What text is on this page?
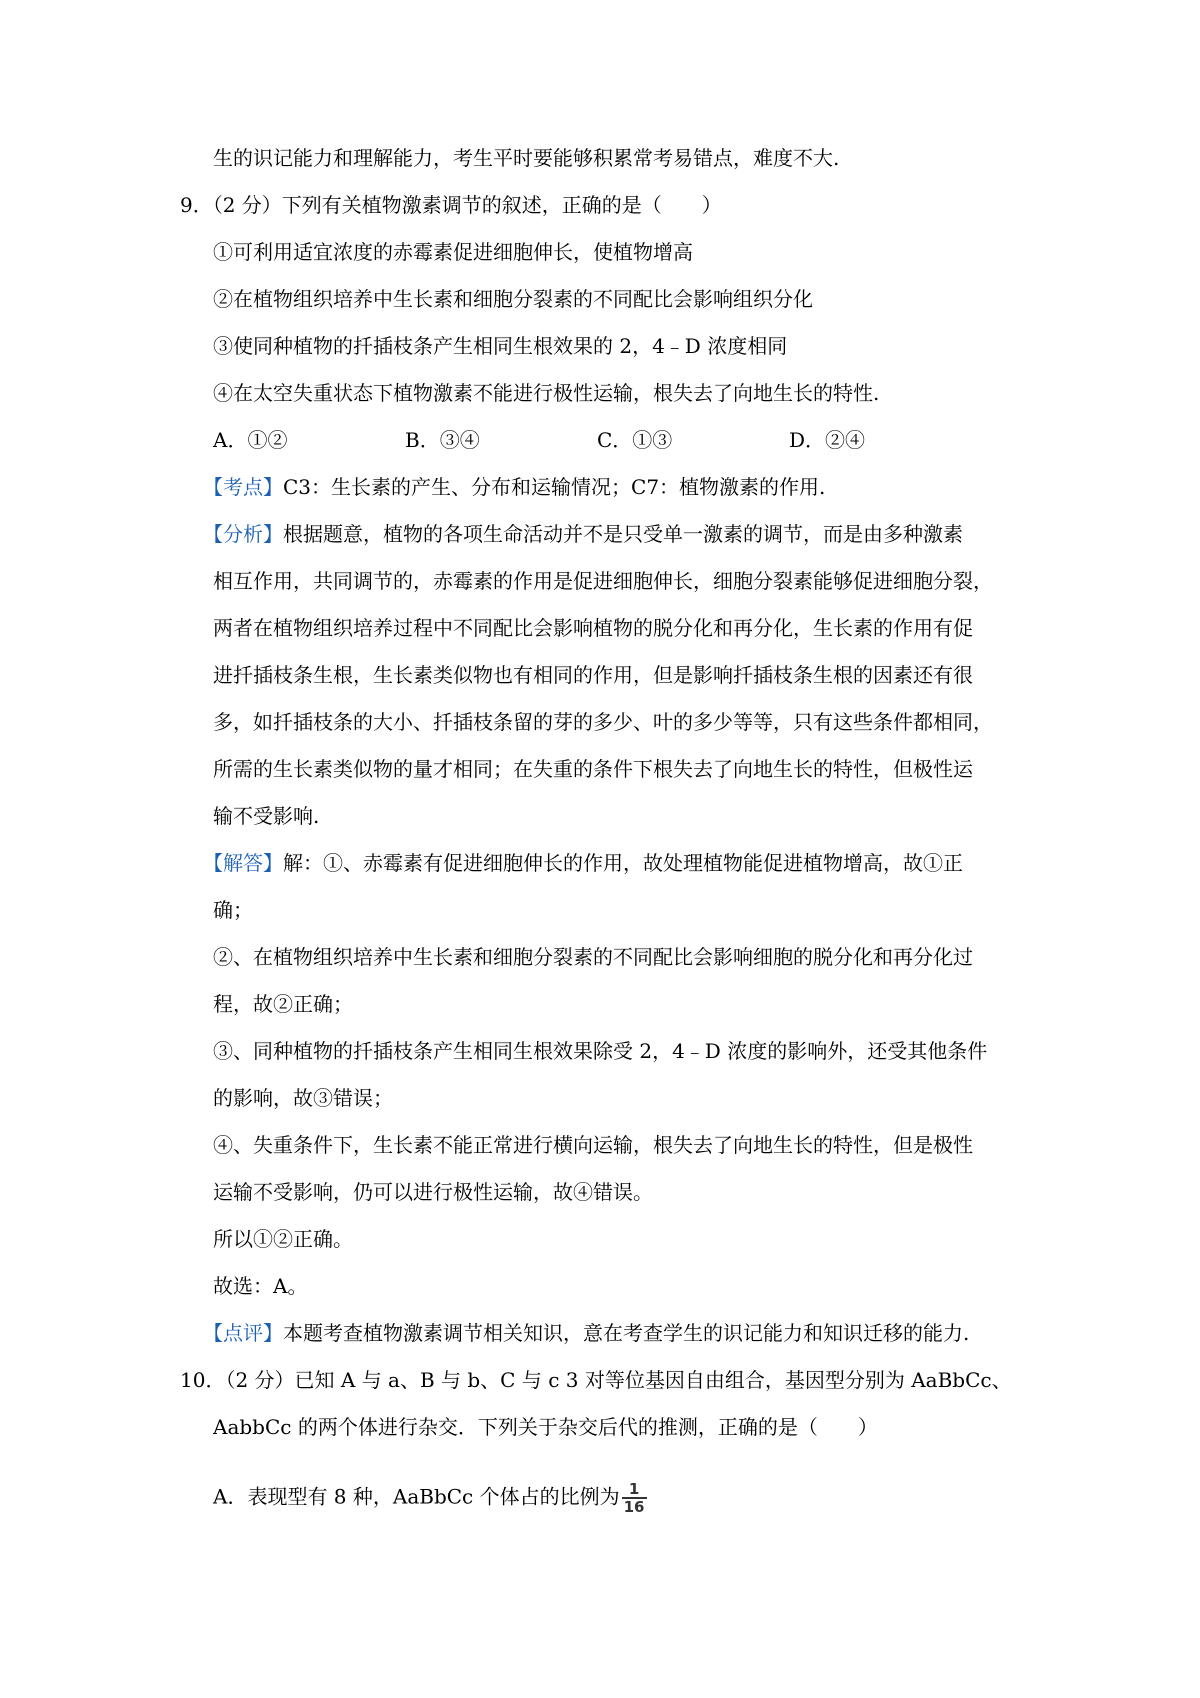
生的识记能力和理解能力，考生平时要能够积累常考易错点，难度不大.
9．（2 分）下列有关植物激素调节的叙述，正确的是（　　）
①可利用适宜浓度的赤霉素促进细胞伸长，使植物增高
②在植物组织培养中生长素和细胞分裂素的不同配比会影响组织分化
③使同种植物的扦插枝条产生相同生根效果的 2，4﹣D 浓度相同
④在太空失重状态下植物激素不能进行极性运输，根失去了向地生长的特性.
A．①②	B．③④	C．①③	D．②④
【考点】C3：生长素的产生、分布和运输情况；C7：植物激素的作用.
【分析】根据题意，植物的各项生命活动并不是只受单一激素的调节，而是由多种激素
相互作用，共同调节的，赤霉素的作用是促进细胞伸长，细胞分裂素能够促进细胞分裂，
两者在植物组织培养过程中不同配比会影响植物的脱分化和再分化，生长素的作用有促
进扦插枝条生根，生长素类似物也有相同的作用，但是影响扦插枝条生根的因素还有很
多，如扦插枝条的大小、扦插枝条留的芽的多少、叶的多少等等，只有这些条件都相同，
所需的生长素类似物的量才相同；在失重的条件下根失去了向地生长的特性，但极性运
输不受影响.
【解答】解：①、赤霉素有促进细胞伸长的作用，故处理植物能促进植物增高，故①正
确；
②、在植物组织培养中生长素和细胞分裂素的不同配比会影响细胞的脱分化和再分化过
程，故②正确；
③、同种植物的扦插枝条产生相同生根效果除受 2，4﹣D 浓度的影响外，还受其他条件
的影响，故③错误；
④、失重条件下，生长素不能正常进行横向运输，根失去了向地生长的特性，但是极性
运输不受影响，仍可以进行极性运输，故④错误。
所以①②正确。
故选：A。
【点评】本题考查植物激素调节相关知识，意在考查学生的识记能力和知识迁移的能力.
10．（2 分）已知 A 与 a、B 与 b、C 与 c 3 对等位基因自由组合，基因型分别为 AaBbCc、
AabbCc 的两个体进行杂交．下列关于杂交后代的推测，正确的是（　　）
A．表现型有 8 种，AaBbCc 个体占的比例为 $\frac{1}{16}$
